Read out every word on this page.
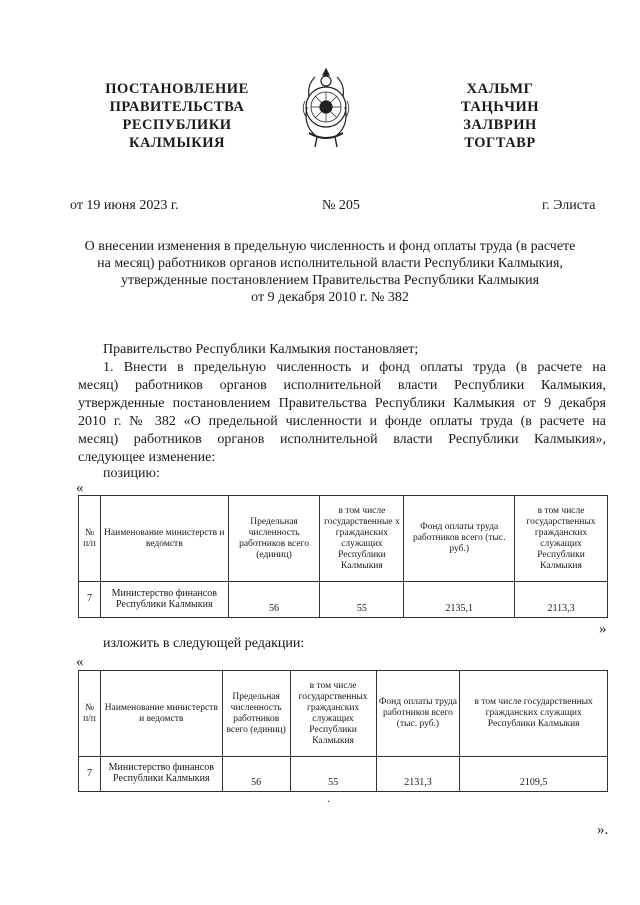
ПОСТАНОВЛЕНИЕ
ПРАВИТЕЛЬСТВА
РЕСПУБЛИКИ
КАЛМЫКИЯ
ХАЛЬМГ
ТАҢҺЧИН
ЗАЛВРИН
ТОГТАВР
от 19 июня 2023 г.	№ 205	г. Элиста
О внесении изменения в предельную численность и фонд оплаты труда (в расчете
на месяц) работников органов исполнительной власти Республики Калмыкия,
утвержденные постановлением Правительства Республики Калмыкия
от 9 декабря 2010 г. № 382
Правительство Республики Калмыкия постановляет;
1. Внести в предельную численность и фонд оплаты труда (в расчете на
месяц) работников органов исполнительной власти Республики Калмыкия,
утвержденные постановлением Правительства Республики Калмыкия от 9 декабря
2010 г. № 382 «О предельной численности и фонде оплаты труда (в расчете на
месяц) работников органов исполнительной власти Республики Калмыкия»,
следующее изменение:
позицию:
«
№ п/п	Наименование министерств и ведомств	Предельная численность работников всего (единиц)	в том числе государственные х гражданских служащих Республики Калмыкия	Фонд оплаты труда работников всего (тыс. руб.)	в том числе государственных гражданских служащих Республики Калмыкия
7	Министерство финансов Республики Калмыкия	56	55	2135,1	2113,3
»
изложить в следующей редакции:
«
№ п/п	Наименование министерств и ведомств	Предельная численность работников всего (единиц)	в том числе государственных гражданских служащих Республики Калмыкия	Фонд оплаты труда работников всего (тыс. руб.)	в том числе государственных гражданских служащих Республики Калмыкия
7	Министерство финансов Республики Калмыкия	56	55	2131,3	2109,5
.
».
